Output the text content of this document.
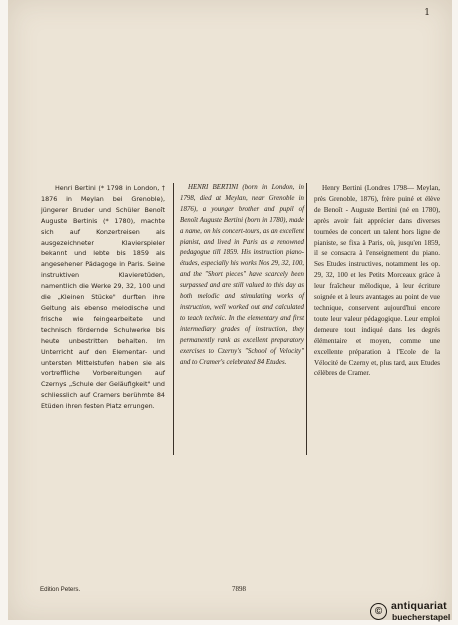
1

Henri Bertini (* 1798 in London, † 1876 in Meylan bei Grenoble), jüngerer Bruder und Schüler Benoît Auguste Bertinis (* 1780), machte sich auf Konzertreisen als ausgezeichneter Klavierspieler bekannt und lebte bis 1859 als angesehener Pädagoge in Paris. Seine instruktiven Klavieretüden, namentlich die Werke 29, 32, 100 und die „Kleinen Stücke" durften ihre Geltung als ebenso melodische und frische wie feingearbeitete und technisch fördernde Schulwerke bis heute unbestritten behalten. Im Unterricht auf den Elementar- und untersten Mittelstufen haben sie als vortreffliche Vorbereitungen auf Czernys „Schule der Geläufigkeit" und schliesslich auf Cramers berühmte 84 Etüden ihren festen Platz errungen.

HENRI BERTINI (born in London, in 1798, died at Meylan, near Grenoble in 1876), a younger brother and pupil of Benoît Auguste Bertini (born in 1780), made a name, on his concert-tours, as an excellent pianist, and lived in Paris as a renowned pedagogue till 1859. His instruction piano-études, especially his works Nos 29, 32, 100, and the "Short pieces" have scarcely been surpassed and are still valued to this day as both melodic and stimulating works of instruction, well worked out and calculated to teach technic. In the elementary and first intermediary grades of instruction, they permanently rank as excellent preparatory exercises to Czerny's "School of Velocity" and to Cramer's celebrated 84 Etudes.

Henry Bertini (Londres 1798— Meylan, près Grenoble, 1876), frère puiné et élève de Benoît - Auguste Bertini (né en 1780), après avoir fait apprécier dans diverses tournées de concert un talent hors ligne de pianiste, se fixa à Paris, où, jusqu'en 1859, il se consacra à l'enseignement du piano. Ses Etudes instructives, notamment les op. 29, 32, 100 et les Petits Morceaux gràce à leur fraîcheur mélodique, à leur écriture soignée et à leurs avantages au point de vue technique, conservent aujourd'hui encore toute leur valeur pédagogique. Leur emploi demeure tout indiqué dans les degrés élémentaire et moyen, comme une excellente préparation à l'Ecole de la Vélocité de Czerny et, plus tard, aux Etudes célèbres de Cramer.

Edition Peters.	7898
© antiquariat
buecherstapel
